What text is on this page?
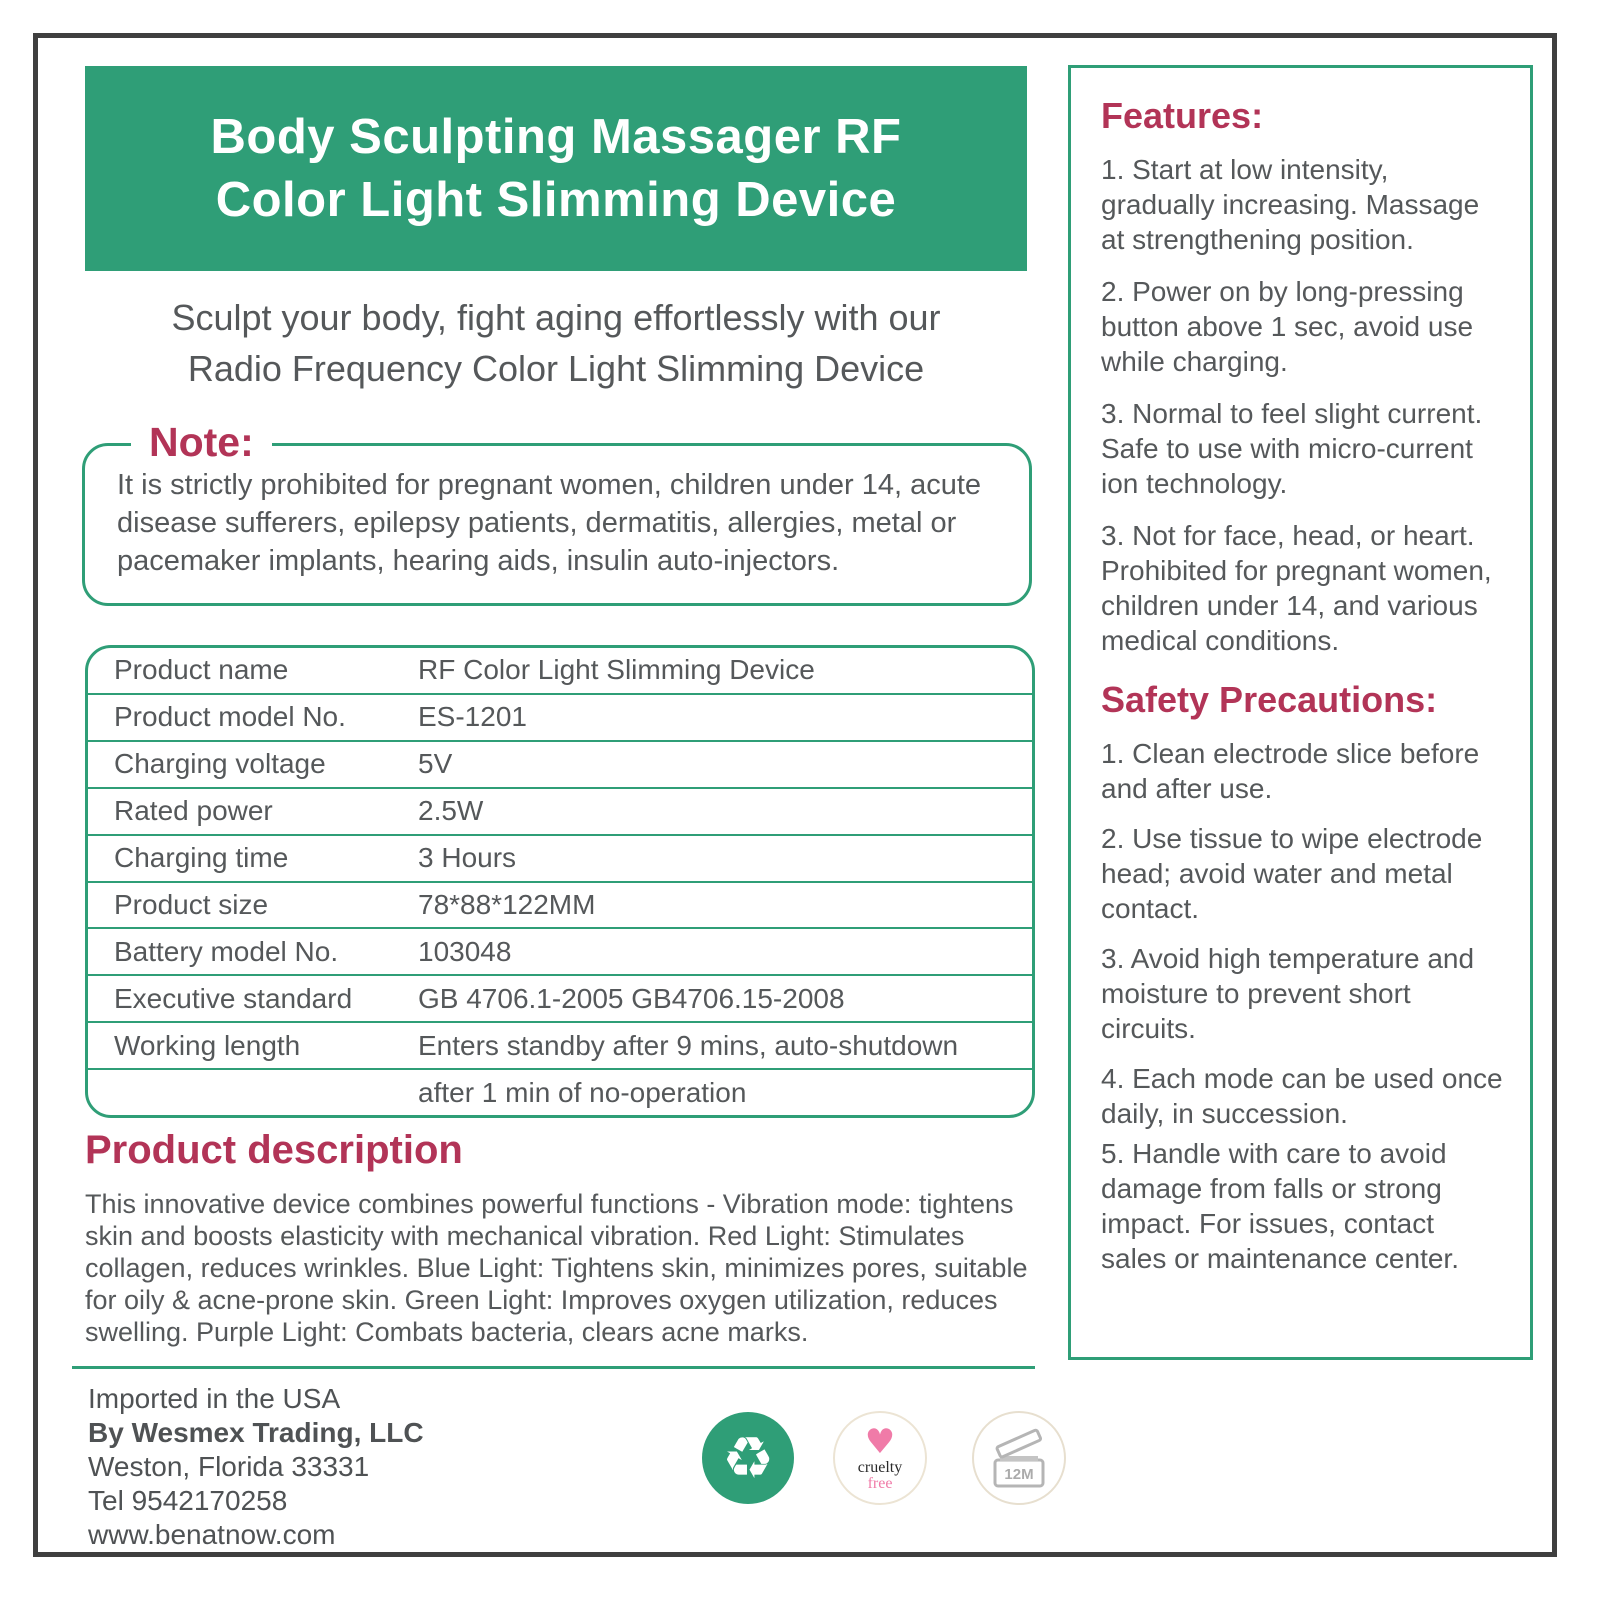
Body Sculpting Massager RF
Color Light Slimming Device
Sculpt your body, fight aging effortlessly with our
Radio Frequency Color Light Slimming Device
Note:
It is strictly prohibited for pregnant women, children under 14, acute disease sufferers, epilepsy patients, dermatitis, allergies, metal or pacemaker implants, hearing aids, insulin auto-injectors.
Product name	RF Color Light Slimming Device
Product model No.	ES-1201
Charging voltage	5V
Rated power	2.5W
Charging time	3 Hours
Product size	78*88*122MM
Battery model No.	103048
Executive standard	GB 4706.1-2005 GB4706.15-2008
Working length	Enters standby after 9 mins, auto-shutdown
after 1 min of no-operation
Product description
This innovative device combines powerful functions - Vibration mode: tightens skin and boosts elasticity with mechanical vibration. Red Light: Stimulates collagen, reduces wrinkles. Blue Light: Tightens skin, minimizes pores, suitable for oily & acne-prone skin. Green Light: Improves oxygen utilization, reduces swelling. Purple Light: Combats bacteria, clears acne marks.
Imported in the USA
By Wesmex Trading, LLC
Weston, Florida 33331
Tel 9542170258
www.benatnow.com
♻	♥
cruelty
free	12M
Features:

1. Start at low intensity, gradually increasing. Massage at strengthening position.

2. Power on by long-pressing button above 1 sec, avoid use while charging.

3. Normal to feel slight current. Safe to use with micro-current ion technology.

3. Not for face, head, or heart. Prohibited for pregnant women, children under 14, and various medical conditions.

Safety Precautions:

1. Clean electrode slice before and after use.

2. Use tissue to wipe electrode head; avoid water and metal contact.

3. Avoid high temperature and moisture to prevent short circuits.

4. Each mode can be used once daily, in succession.

5. Handle with care to avoid damage from falls or strong impact. For issues, contact sales or maintenance center.
